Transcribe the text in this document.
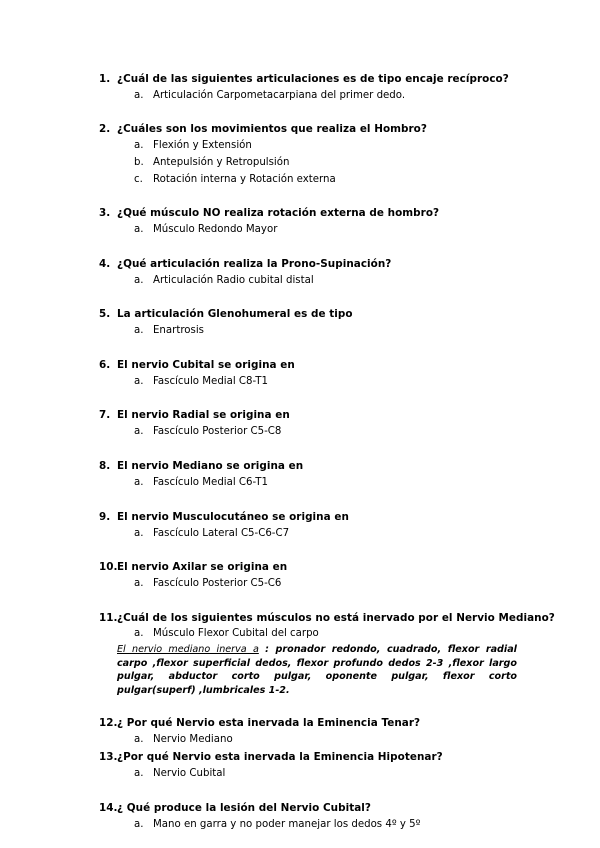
1. ¿Cuál de las siguientes articulaciones es de tipo encaje recíproco?
a. Articulación Carpometacarpiana del primer dedo.
2. ¿Cuáles son los movimientos que realiza el Hombro?
a. Flexión y Extensión
b. Antepulsión y Retropulsión
c. Rotación interna y Rotación externa
3. ¿Qué músculo NO realiza rotación externa de hombro?
a. Músculo Redondo Mayor
4. ¿Qué articulación realiza la Prono-Supinación?
a. Articulación Radio cubital distal
5. La articulación Glenohumeral es de tipo
a. Enartrosis
6. El nervio Cubital se origina en
a. Fascículo Medial C8-T1
7. El nervio Radial se origina en
a. Fascículo Posterior C5-C8
8. El nervio Mediano se origina en
a. Fascículo Medial C6-T1
9. El nervio Musculocutáneo se origina en
a. Fascículo Lateral C5-C6-C7
10.El nervio Axilar se origina en
a. Fascículo Posterior C5-C6
11.¿Cuál de los siguientes músculos no está inervado por el Nervio Mediano?
a. Músculo Flexor Cubital del carpo
El nervio mediano inerva a : pronador redondo, cuadrado, flexor radial carpo ,flexor superficial dedos, flexor profundo dedos 2-3 ,flexor largo pulgar, abductor corto pulgar, oponente pulgar, flexor corto pulgar(superf) ,lumbricales 1-2.
12.¿ Por qué Nervio esta inervada la Eminencia Tenar?
a. Nervio Mediano
13.¿Por qué Nervio esta inervada la Eminencia Hipotenar?
a. Nervio Cubital
14.¿ Qué produce la lesión del Nervio Cubital?
a. Mano en garra y no poder manejar los dedos 4º y 5º
